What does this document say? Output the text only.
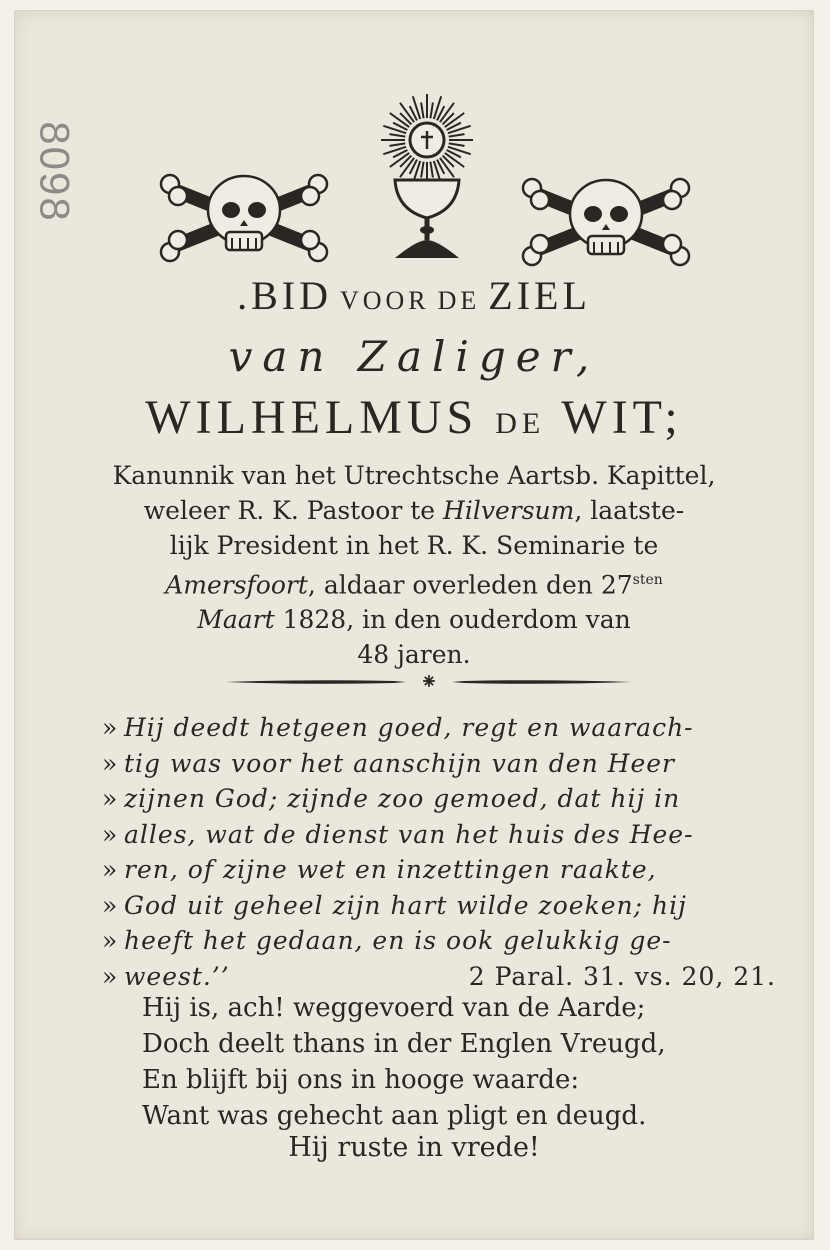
8098
.BID VOOR DE ZIEL
van Zaliger,
WILHELMUS DE WIT;
Kanunnik van het Utrechtsche Aartsb. Kapittel,
weleer R. K. Pastoor te Hilversum, laatste-
lijk President in het R. K. Seminarie te
Amersfoort, aldaar overleden den $27^{sten}$
Maart 1828, in den ouderdom van
48 jaren.
⁕
» Hij deedt hetgeen goed, regt en waarach-
» tig was voor het aanschijn van den Heer
» zijnen God; zijnde zoo gemoed, dat hij in
» alles, wat de dienst van het huis des Hee-
» ren, of zijne wet en inzettingen raakte,
» God uit geheel zijn hart wilde zoeken; hij
» heeft het gedaan, en is ook gelukkig ge-
» weest.’’	2 Paral. 31. vs. 20, 21.
Hij is, ach! weggevoerd van de Aarde;
Doch deelt thans in der Englen Vreugd,
En blijft bij ons in hooge waarde:
Want was gehecht aan pligt en deugd.
Hij ruste in vrede!
